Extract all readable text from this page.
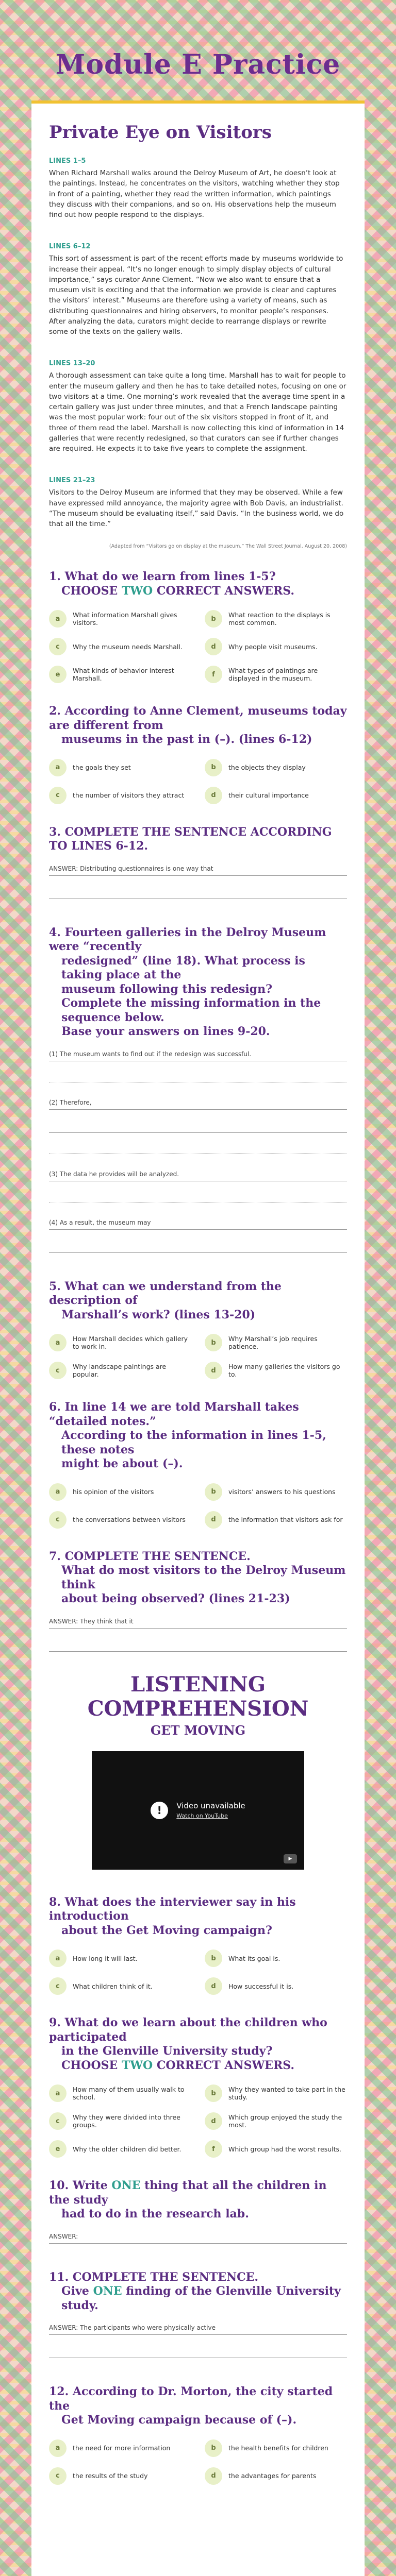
Module E Practice
Private Eye on Visitors
LINES 1–5

When Richard Marshall walks around the Delroy Museum of Art, he doesn’t look at the paintings. Instead, he concentrates on the visitors, watching whether they stop in front of a painting, whether they read the written information, which paintings they discuss with their companions, and so on. His observations help the museum find out how people respond to the displays.

LINES 6–12

This sort of assessment is part of the recent efforts made by museums worldwide to increase their appeal. “It’s no longer enough to simply display objects of cultural importance,” says curator Anne Clement. “Now we also want to ensure that a museum visit is exciting and that the information we provide is clear and captures the visitors’ interest.” Museums are therefore using a variety of means, such as distributing questionnaires and hiring observers, to monitor people’s responses. After analyzing the data, curators might decide to rearrange displays or rewrite some of the texts on the gallery walls.

LINES 13–20

A thorough assessment can take quite a long time. Marshall has to wait for people to enter the museum gallery and then he has to take detailed notes, focusing on one or two visitors at a time. One morning’s work revealed that the average time spent in a certain gallery was just under three minutes, and that a French landscape painting was the most popular work: four out of the six visitors stopped in front of it, and three of them read the label. Marshall is now collecting this kind of information in 14 galleries that were recently redesigned, so that curators can see if further changes are required. He expects it to take five years to complete the assignment.

LINES 21–23

Visitors to the Delroy Museum are informed that they may be observed. While a few have expressed mild annoyance, the majority agree with Bob Davis, an industrialist. “The museum should be evaluating itself,” said Davis. “In the business world, we do that all the time.”

(Adapted from “Visitors go on display at the museum,” The Wall Street Journal, August 20, 2008)
1. What do we learn from lines 1-5?
CHOOSE TWO CORRECT ANSWERS.
a	What information Marshall gives visitors.	b	What reaction to the displays is most common.
c	Why the museum needs Marshall.	d	Why people visit museums.
e	What kinds of behavior interest Marshall.	f	What types of paintings are displayed in the museum.
2. According to Anne Clement, museums today are different from
museums in the past in (–). (lines 6-12)
a	the goals they set	b	the objects they display
c	the number of visitors they attract	d	their cultural importance
3. COMPLETE THE SENTENCE ACCORDING TO LINES 6-12.
ANSWER: Distributing questionnaires is one way that
4. Fourteen galleries in the Delroy Museum were “recently
redesigned” (line 18). What process is taking place at the
museum following this redesign?
Complete the missing information in the sequence below.
Base your answers on lines 9-20.
(1) The museum wants to find out if the redesign was successful.
(2) Therefore,
(3) The data he provides will be analyzed.
(4) As a result, the museum may
5. What can we understand from the description of
Marshall’s work? (lines 13-20)
a	How Marshall decides which gallery to work in.	b	Why Marshall’s job requires patience.
c	Why landscape paintings are popular.	d	How many galleries the visitors go to.
6. In line 14 we are told Marshall takes “detailed notes.”
According to the information in lines 1-5, these notes
might be about (–).
a	his opinion of the visitors	b	visitors’ answers to his questions
c	the conversations between visitors	d	the information that visitors ask for
7. COMPLETE THE SENTENCE.
What do most visitors to the Delroy Museum think
about being observed? (lines 21-23)
ANSWER: They think that it
LISTENING COMPREHENSION
GET MOVING
!	Video unavailable
Watch on YouTube
▶
8. What does the interviewer say in his introduction
about the Get Moving campaign?
a	How long it will last.	b	What its goal is.
c	What children think of it.	d	How successful it is.
9. What do we learn about the children who participated
in the Glenville University study?
CHOOSE TWO CORRECT ANSWERS.
a	How many of them usually walk to school.	b	Why they wanted to take part in the study.
c	Why they were divided into three groups.	d	Which group enjoyed the study the most.
e	Why the older children did better.	f	Which group had the worst results.
10. Write ONE thing that all the children in the study
had to do in the research lab.
ANSWER:
11. COMPLETE THE SENTENCE.
Give ONE finding of the Glenville University study.
ANSWER: The participants who were physically active
12. According to Dr. Morton, the city started the
Get Moving campaign because of (–).
a	the need for more information	b	the health benefits for children
c	the results of the study	d	the advantages for parents
